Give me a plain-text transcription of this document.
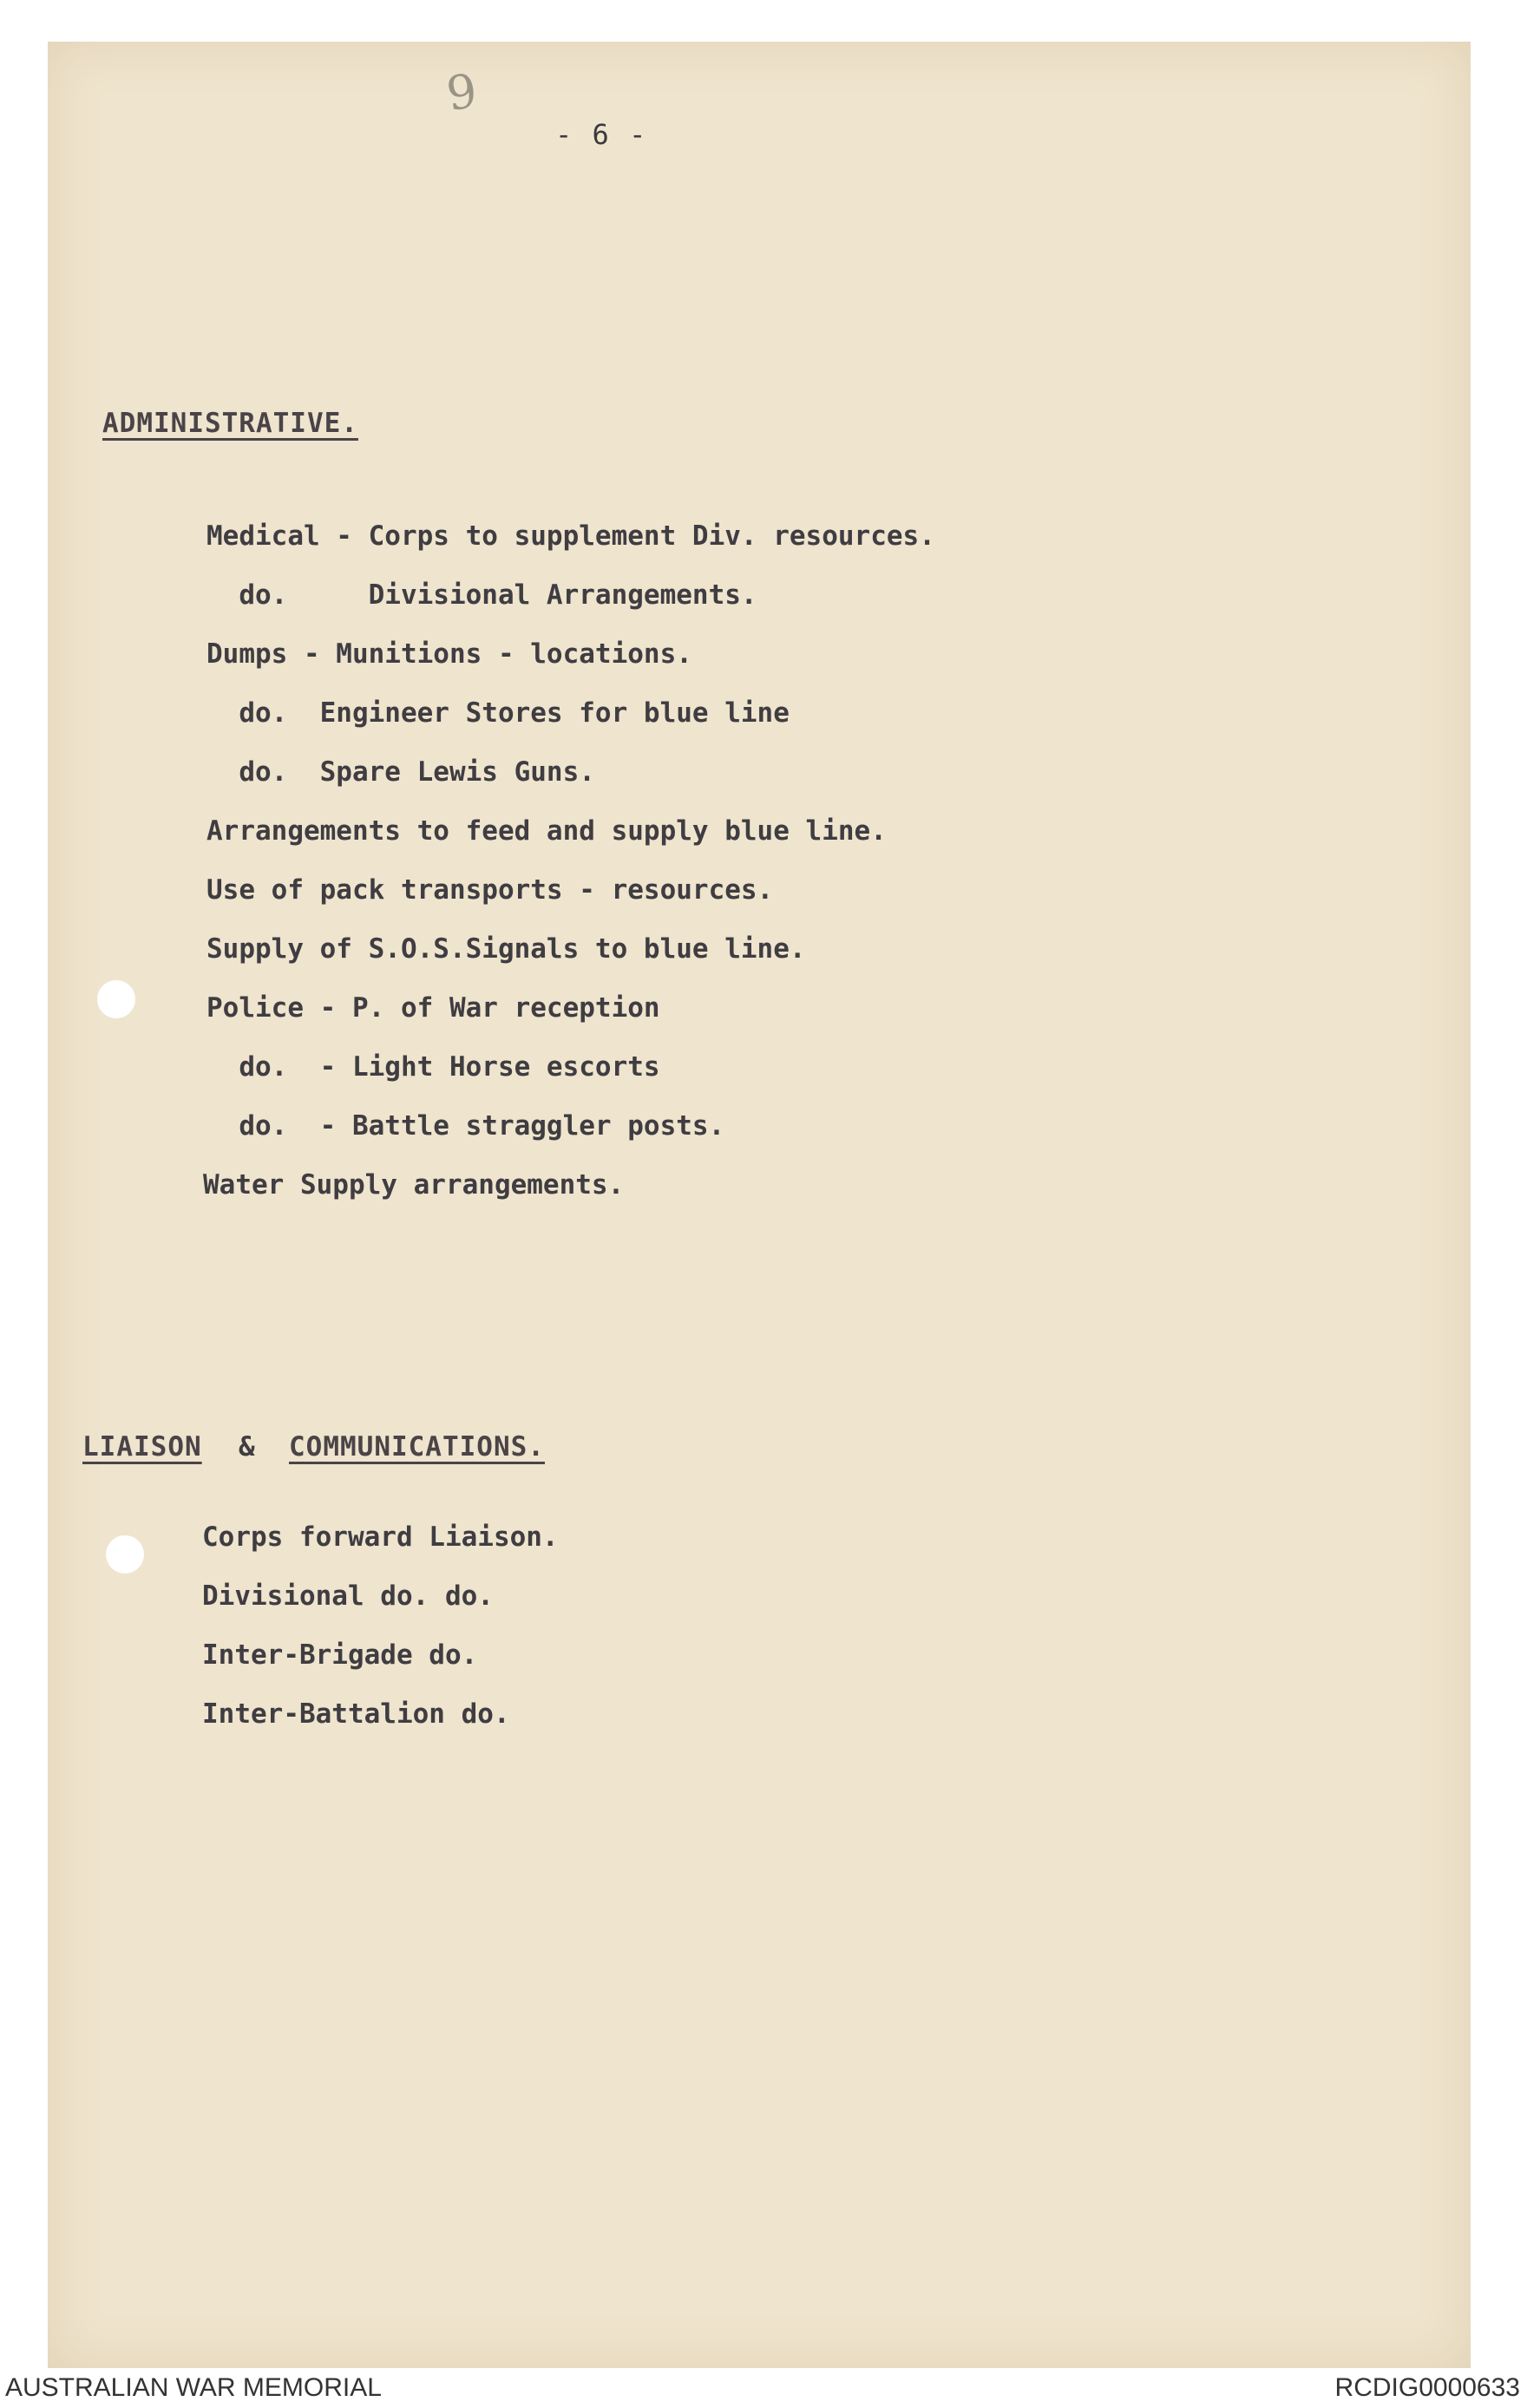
9
- 6 -
ADMINISTRATIVE.
Medical - Corps to supplement Div. resources.
do.     Divisional Arrangements.
Dumps - Munitions - locations.
do.  Engineer Stores for blue line
do.  Spare Lewis Guns.
Arrangements to feed and supply blue line.
Use of pack transports - resources.
Supply of S.O.S.Signals to blue line.
Police - P. of War reception
do.  - Light Horse escorts
do.  - Battle straggler posts.
Water Supply arrangements.
LIAISON & COMMUNICATIONS.
Corps forward Liaison.
Divisional do. do.
Inter-Brigade do.
Inter-Battalion do.
AUSTRALIAN WAR MEMORIAL	RCDIG0000633
